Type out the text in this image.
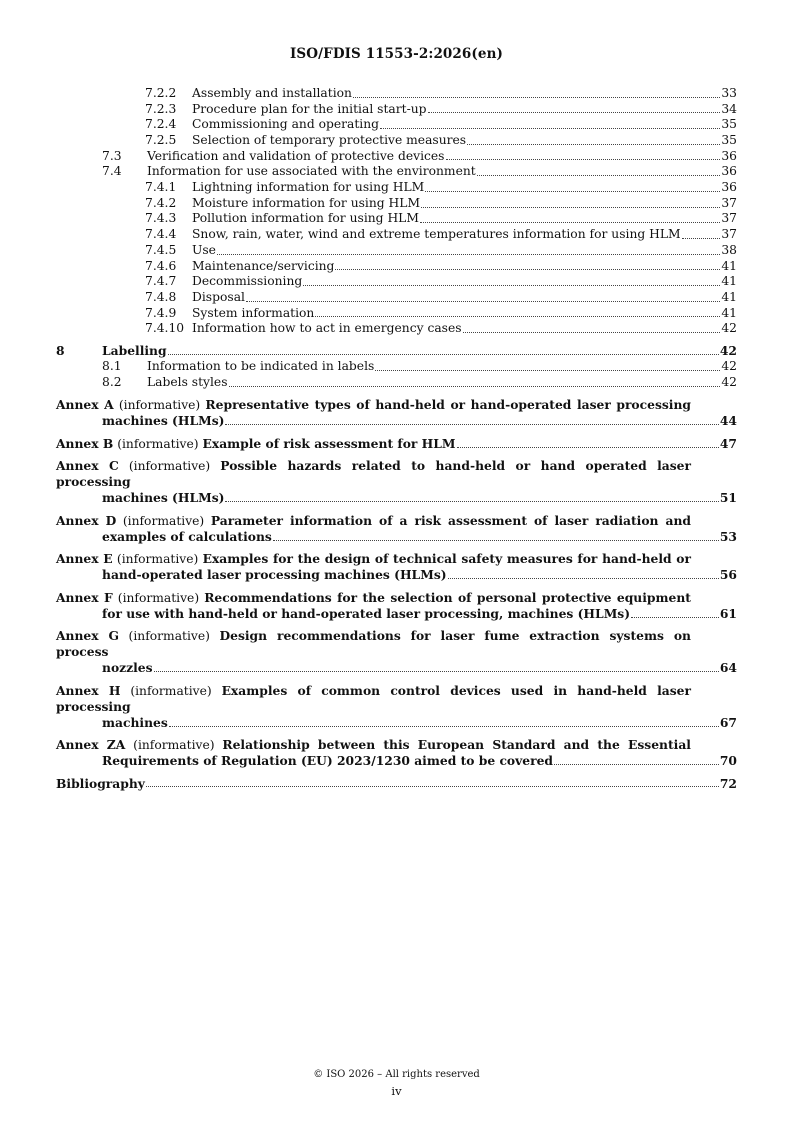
ISO/FDIS 11553-2:2026(en)
7.2.2	Assembly and installation	33
7.2.3	Procedure plan for the initial start-up	34
7.2.4	Commissioning and operating	35
7.2.5	Selection of temporary protective measures	35
7.3	Verification and validation of protective devices	36
7.4	Information for use associated with the environment	36
7.4.1	Lightning information for using HLM	36
7.4.2	Moisture information for using HLM	37
7.4.3	Pollution information for using HLM	37
7.4.4	Snow, rain, water, wind and extreme temperatures information for using HLM	37
7.4.5	Use	38
7.4.6	Maintenance/servicing	41
7.4.7	Decommissioning	41
7.4.8	Disposal	41
7.4.9	System information	41
7.4.10 Information how to act in emergency cases	42
8	Labelling	42
8.1	Information to be indicated in labels	42
8.2	Labels styles	42
Annex A (informative) Representative types of hand-held or hand-operated laser processing
machines (HLMs)	44
Annex B (informative) Example of risk assessment for HLM	47
Annex C (informative) Possible hazards related to hand-held or hand operated laser processing
machines (HLMs)	51
Annex D (informative) Parameter information of a risk assessment of laser radiation and
examples of calculations	53
Annex E (informative) Examples for the design of technical safety measures for hand-held or
hand-operated laser processing machines (HLMs)	56
Annex F (informative) Recommendations for the selection of personal protective equipment
for use with hand-held or hand-operated laser processing, machines (HLMs)	61
Annex G (informative) Design recommendations for laser fume extraction systems on process
nozzles	64
Annex H (informative) Examples of common control devices used in hand-held laser processing
machines	67
Annex ZA (informative) Relationship between this European Standard and the Essential
Requirements of Regulation (EU) 2023/1230 aimed to be covered	70
Bibliography	72
© ISO 2026 – All rights reserved
iv
